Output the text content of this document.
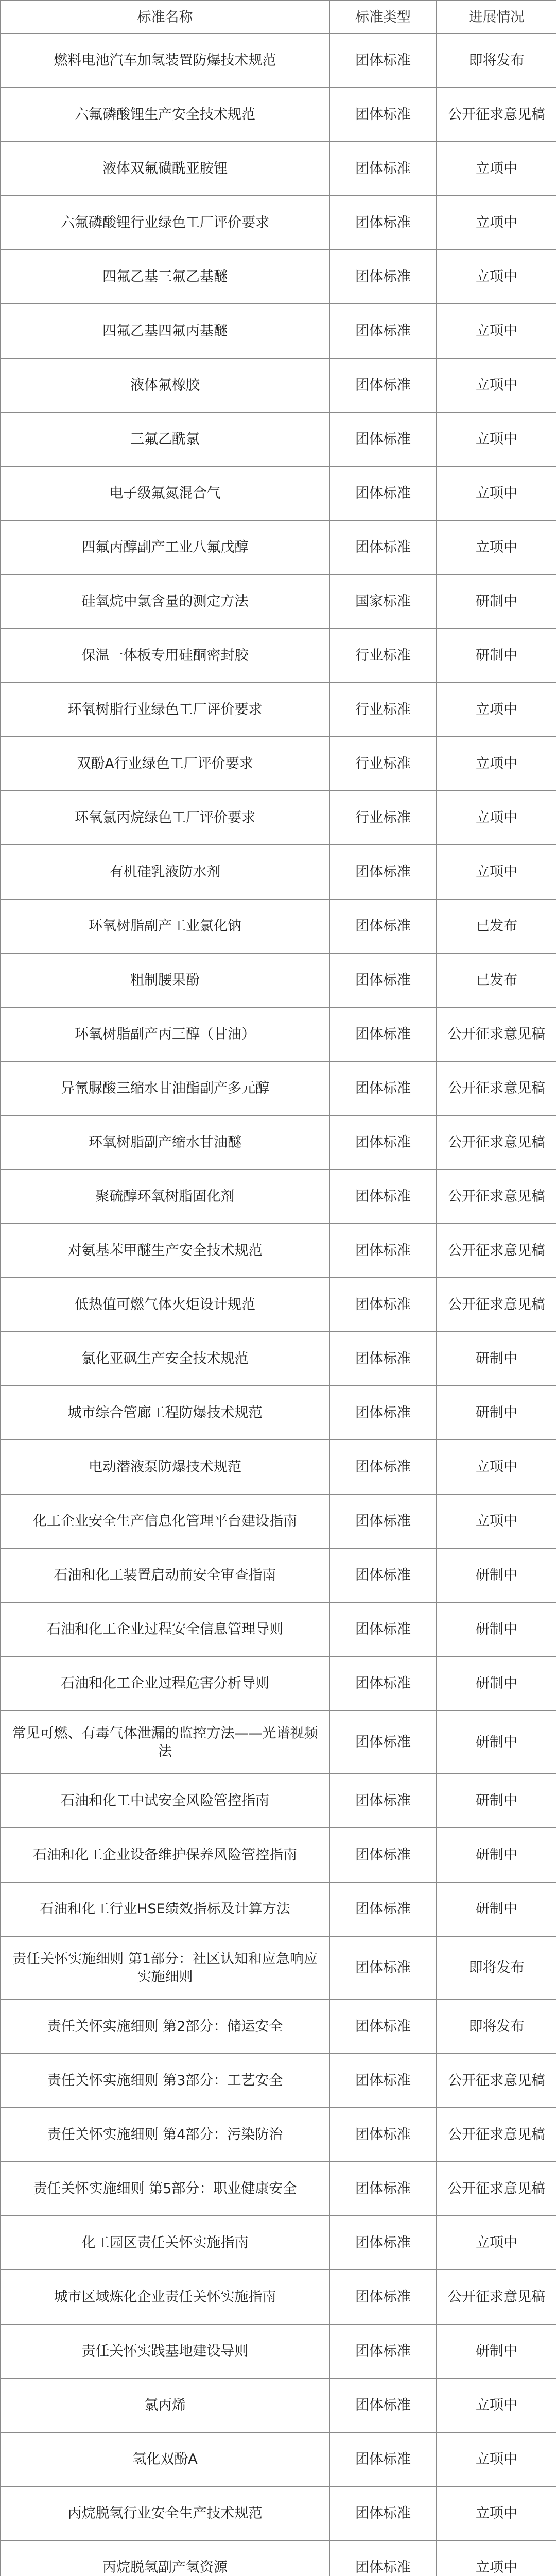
标准名称	标准类型	进展情况
燃料电池汽车加氢装置防爆技术规范	团体标准	即将发布
六氟磷酸锂生产安全技术规范	团体标准	公开征求意见稿
液体双氟磺酰亚胺锂	团体标准	立项中
六氟磷酸锂行业绿色工厂评价要求	团体标准	立项中
四氟乙基三氟乙基醚	团体标准	立项中
四氟乙基四氟丙基醚	团体标准	立项中
液体氟橡胶	团体标准	立项中
三氟乙酰氯	团体标准	立项中
电子级氟氮混合气	团体标准	立项中
四氟丙醇副产工业八氟戊醇	团体标准	立项中
硅氧烷中氯含量的测定方法	国家标准	研制中
保温一体板专用硅酮密封胶	行业标准	研制中
环氧树脂行业绿色工厂评价要求	行业标准	立项中
双酚A行业绿色工厂评价要求	行业标准	立项中
环氧氯丙烷绿色工厂评价要求	行业标准	立项中
有机硅乳液防水剂	团体标准	立项中
环氧树脂副产工业氯化钠	团体标准	已发布
粗制腰果酚	团体标准	已发布
环氧树脂副产丙三醇（甘油）	团体标准	公开征求意见稿
异氰脲酸三缩水甘油酯副产多元醇	团体标准	公开征求意见稿
环氧树脂副产缩水甘油醚	团体标准	公开征求意见稿
聚硫醇环氧树脂固化剂	团体标准	公开征求意见稿
对氨基苯甲醚生产安全技术规范	团体标准	公开征求意见稿
低热值可燃气体火炬设计规范	团体标准	公开征求意见稿
氯化亚砜生产安全技术规范	团体标准	研制中
城市综合管廊工程防爆技术规范	团体标准	研制中
电动潜液泵防爆技术规范	团体标准	立项中
化工企业安全生产信息化管理平台建设指南	团体标准	立项中
石油和化工装置启动前安全审查指南	团体标准	研制中
石油和化工企业过程安全信息管理导则	团体标准	研制中
石油和化工企业过程危害分析导则	团体标准	研制中
常见可燃、有毒气体泄漏的监控方法——光谱视频法	团体标准	研制中
石油和化工中试安全风险管控指南	团体标准	研制中
石油和化工企业设备维护保养风险管控指南	团体标准	研制中
石油和化工行业HSE绩效指标及计算方法	团体标准	研制中
责任关怀实施细则 第1部分：社区认知和应急响应实施细则	团体标准	即将发布
责任关怀实施细则 第2部分：储运安全	团体标准	即将发布
责任关怀实施细则 第3部分：工艺安全	团体标准	公开征求意见稿
责任关怀实施细则 第4部分：污染防治	团体标准	公开征求意见稿
责任关怀实施细则 第5部分：职业健康安全	团体标准	公开征求意见稿
化工园区责任关怀实施指南	团体标准	立项中
城市区域炼化企业责任关怀实施指南	团体标准	公开征求意见稿
责任关怀实践基地建设导则	团体标准	研制中
氯丙烯	团体标准	立项中
氢化双酚A	团体标准	立项中
丙烷脱氢行业安全生产技术规范	团体标准	立项中
丙烷脱氢副产氢资源	团体标准	立项中
